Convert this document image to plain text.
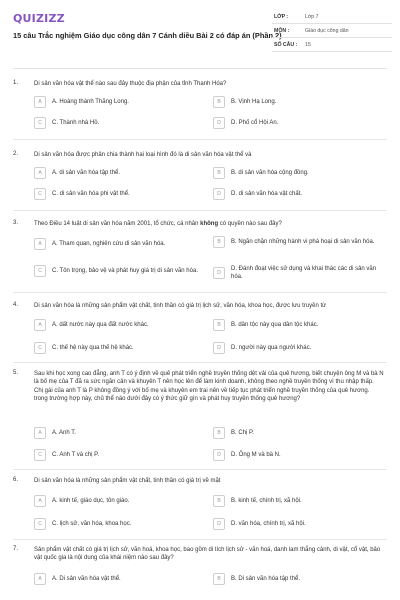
QUIZIZZ
15 câu Trắc nghiệm Giáo dục công dân 7 Cánh diều Bài 2 có đáp án (Phần 2)
LỚP :	Lớp 7
MÔN :	Giáo dục công dân
SỐ CÂU :	15
1.	Di sản văn hóa vật thể nào sau đây thuộc địa phận của tỉnh Thanh Hóa?
A	A. Hoàng thành Thăng Long.	B	B. Vịnh Hạ Long.
C	C. Thành nhà Hồ.	D	D. Phố cổ Hội An.
2.	Di sản văn hóa được phân chia thành hai loại hình đó là di sản văn hóa vật thể và
A	A. di sản văn hóa tập thể.	B	B. di sản văn hóa cộng đồng.
C	C. di sản văn hóa phi vật thể.	D	D. di sản văn hóa vật chất.
3.	Theo Điều 14 luật di sản văn hóa năm 2001, tổ chức, cá nhân không có quyền nào sau đây?
A	A. Tham quan, nghiên cứu di sản văn hóa.	B	B. Ngăn chặn những hành vi phá hoại di sản văn hóa.
C	C. Tôn trọng, bảo vệ và phát huy giá trị di sản văn hóa.	D
D. Đánh đoạt việc sử dụng và khai thác các di sản văn hóa.
4.	Di sản văn hóa là những sản phẩm vật chất, tinh thần có giá trị lịch sử, văn hóa, khoa học, được lưu truyền từ
A	A. dất nước này qua đất nước khác.	B	B. dân tộc này qua dân tộc khác.
C	C. thế hệ này qua thế hệ khác.	D	D. người này qua người khác.
5.	Sau khi học xong cao đẳng, anh T có ý định về quê phát triển nghề truyền thống dệt vải của quê hương, biết chuyện ông M và bà N là bố mẹ của T đã ra sức ngăn cản và khuyên T nên học lên để làm kinh doanh, không theo nghề truyền thống vì thu nhập thấp. Chị gái của anh T là P không đồng ý với bố mẹ và khuyên em trai nên về tiếp tục phát triển nghề truyền thống của quê hương. trong trường hợp này, chủ thể nào dưới đây có ý thức giữ gìn và phát huy truyền thống quê hương?
A	A. Anh T.	B	B. Chị P.
C	C. Anh T và chị P.	D	D. Ông M và bà N.
6.	Di sản văn hóa là những sản phẩm vật chất, tinh thần có giá trị về mặt
A	A. kinh tế, giáo dục, tôn giáo.	B	B. kinh tế, chính trị, xã hội.
C	C. lịch sử, văn hóa, khoa học.	D	D. văn hóa, chính trị, xã hội.
7.	Sản phẩm vật chất có giá trị lịch sử, văn hoá, khoa học, bao gồm di tích lịch sử - văn hoá, danh lam thắng cảnh, di vật, cổ vật, bảo vật quốc gia là nội dung của khái niệm nào sau đây?
A	A. Di sản văn hóa vật thể.	B	B. Di sản văn hóa tập thể.
